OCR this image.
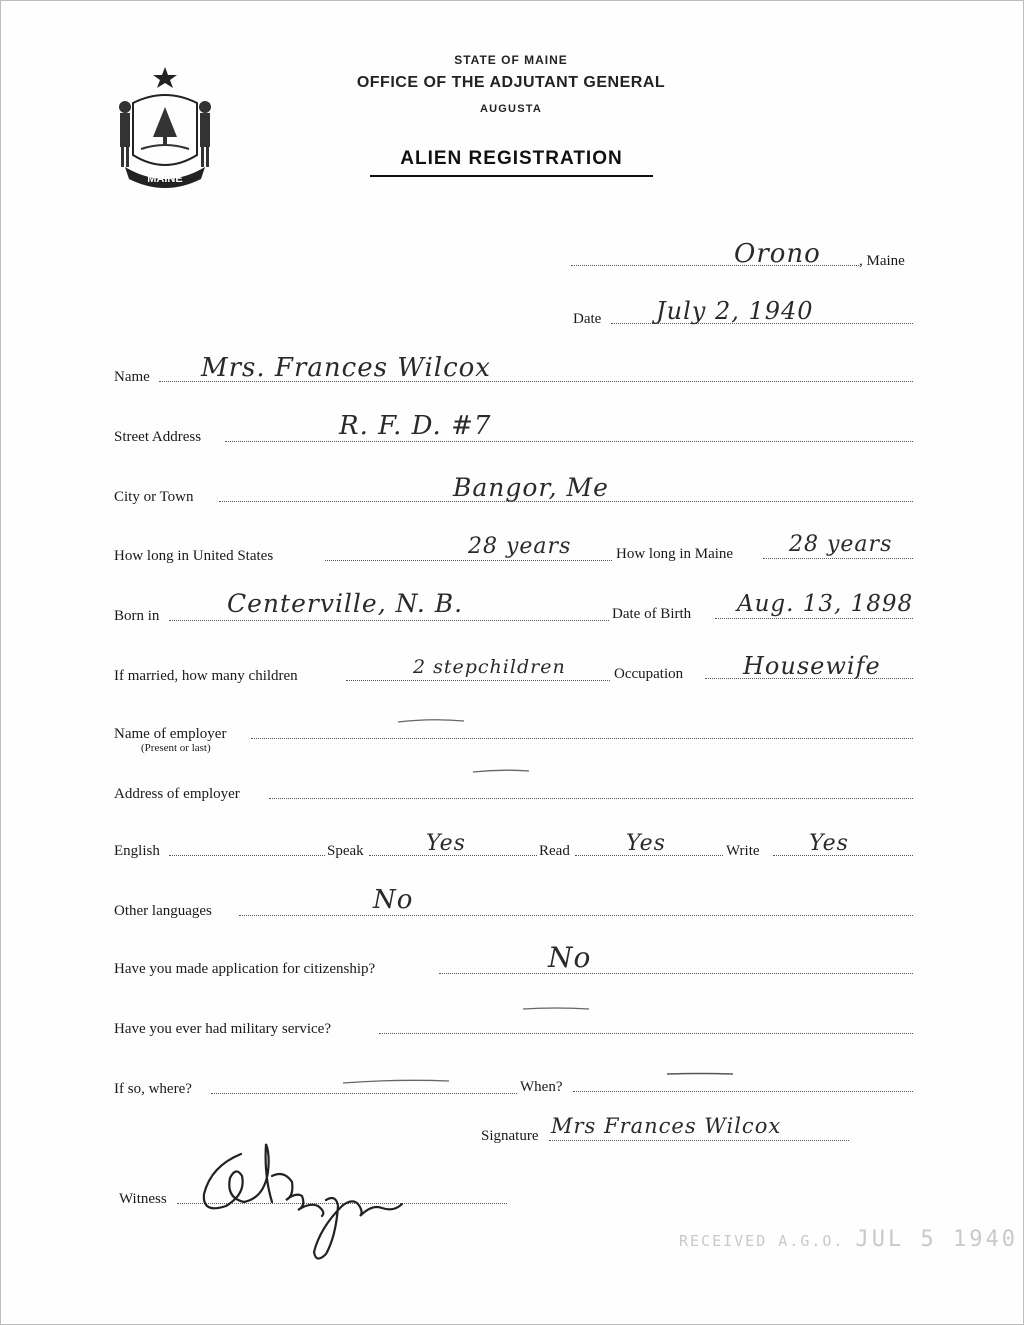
MAINE
STATE OF MAINE
OFFICE OF THE ADJUTANT GENERAL
AUGUSTA
ALIEN REGISTRATION
Orono	, Maine
Date July 2, 1940
Name Mrs. Frances Wilcox
Street Address	R. F. D. #7
City or Town	Bangor, Me
How long in United States	28 years	How long in Maine	28 years
Born in	Centerville, N. B.	Date of Birth Aug. 13, 1898
If married, how many children	2 stepchildren	Occupation Housewife
Name of employer
(Present or last)
Address of employer
English	Speak	Yes	Read	Yes	Write Yes
Other languages	No
Have you made application for citizenship?	No
Have you ever had military service?
If so, where?	When?
Signature Mrs Frances Wilcox
Witness
C H Hayes
RECEIVED A.G.O. JUL 5 1940
